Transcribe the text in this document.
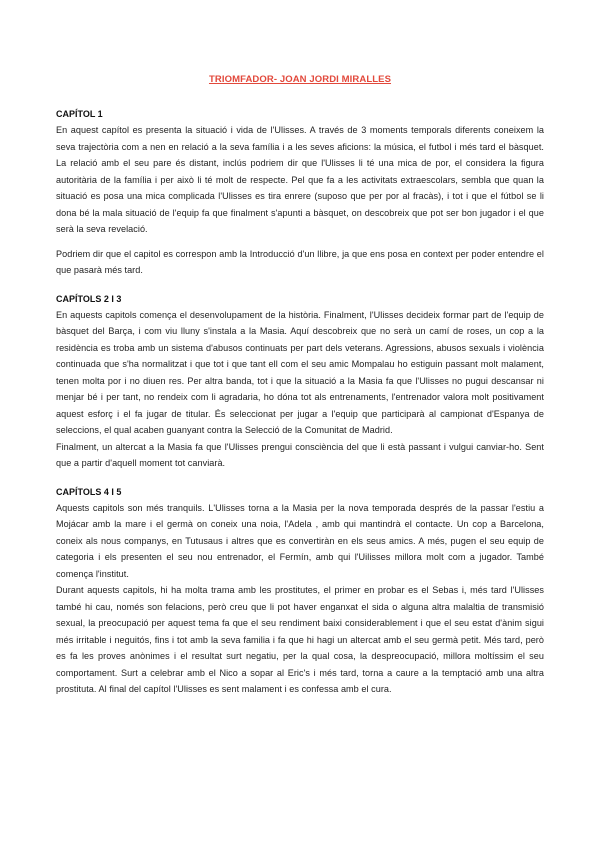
TRIOMFADOR- JOAN JORDI MIRALLES
CAPÍTOL 1

En aquest capítol es presenta la situació i vida de l'Ulisses. A través de 3 moments temporals diferents coneixem la seva trajectòria com a nen en relació a la seva família i a les seves aficions: la música, el futbol i més tard el bàsquet. La relació amb el seu pare és distant, inclús podriem dir que l'Ulisses li té una mica de por, el considera la figura autoritària de la família i per això li té molt de respecte. Pel que fa a les activitats extraescolars, sembla que quan la situació es posa una mica complicada l'Ulisses es tira enrere (suposo que per por al fracàs), i tot i que el fútbol se li dona bé la mala situació de l'equip fa que finalment s'apunti a bàsquet, on descobreix que pot ser bon jugador i el que serà la seva revelació.

Podriem dir que el capitol es correspon amb la Introducció d'un llibre, ja que ens posa en context per poder entendre el que pasarà més tard.

CAPÍTOLS 2 I 3

En aquests capitols comença el desenvolupament de la història. Finalment, l'Ulisses decideix formar part de l'equip de bàsquet del Barça, i com viu lluny s'instala a la Masia. Aquí descobreix que no serà un camí de roses, un cop a la residència es troba amb un sistema d'abusos continuats per part dels veterans. Agressions, abusos sexuals i violència continuada que s'ha normalitzat i que tot i que tant ell com el seu amic Mompalau ho estiguin passant molt malament, tenen molta por i no diuen res. Per altra banda, tot i que la situació a la Masia fa que l'Ulisses no pugui descansar ni menjar bé i per tant, no rendeix com li agradaria, ho dóna tot als entrenaments, l'entrenador valora molt positivament aquest esforç i el fa jugar de titular. És seleccionat per jugar a l'equip que participarà al campionat d'Espanya de seleccions, el qual acaben guanyant contra la Selecció de la Comunitat de Madrid.

Finalment, un altercat a la Masia fa que l'Ulisses prengui consciència del que li està passant i vulgui canviar-ho. Sent que a partir d'aquell moment tot canviarà.

CAPÍTOLS 4 I 5

Aquests capitols son més tranquils. L'Ulisses torna a la Masia per la nova temporada després de la passar l'estiu a Mojácar amb la mare i el germà on coneix una noia, l'Adela , amb qui mantindrà el contacte. Un cop a Barcelona, coneix als nous companys, en Tutusaus i altres que es convertiràn en els seus amics. A més, pugen el seu equip de categoria i els presenten el seu nou entrenador, el Fermín, amb qui l'Uilisses millora molt com a jugador. També comença l'institut.

Durant aquests capitols, hi ha molta trama amb les prostitutes, el primer en probar es el Sebas i, més tard l'Ulisses també hi cau, només son felacions, però creu que li pot haver enganxat el sida o alguna altra malaltia de transmisió sexual, la preocupació per aquest tema fa que el seu rendiment baixi considerablement i que el seu estat d'ànim sigui més irritable i neguitós, fins i tot amb la seva familia i fa que hi hagi un altercat amb el seu germà petit. Més tard, però es fa les proves anònimes i el resultat surt negatiu, per la qual cosa, la despreocupació, millora moltíssim el seu comportament. Surt a celebrar amb el Nico a sopar al Eric's i més tard, torna a caure a la temptació amb una altra prostituta. Al final del capítol l'Ulisses es sent malament i es confessa amb el cura.
